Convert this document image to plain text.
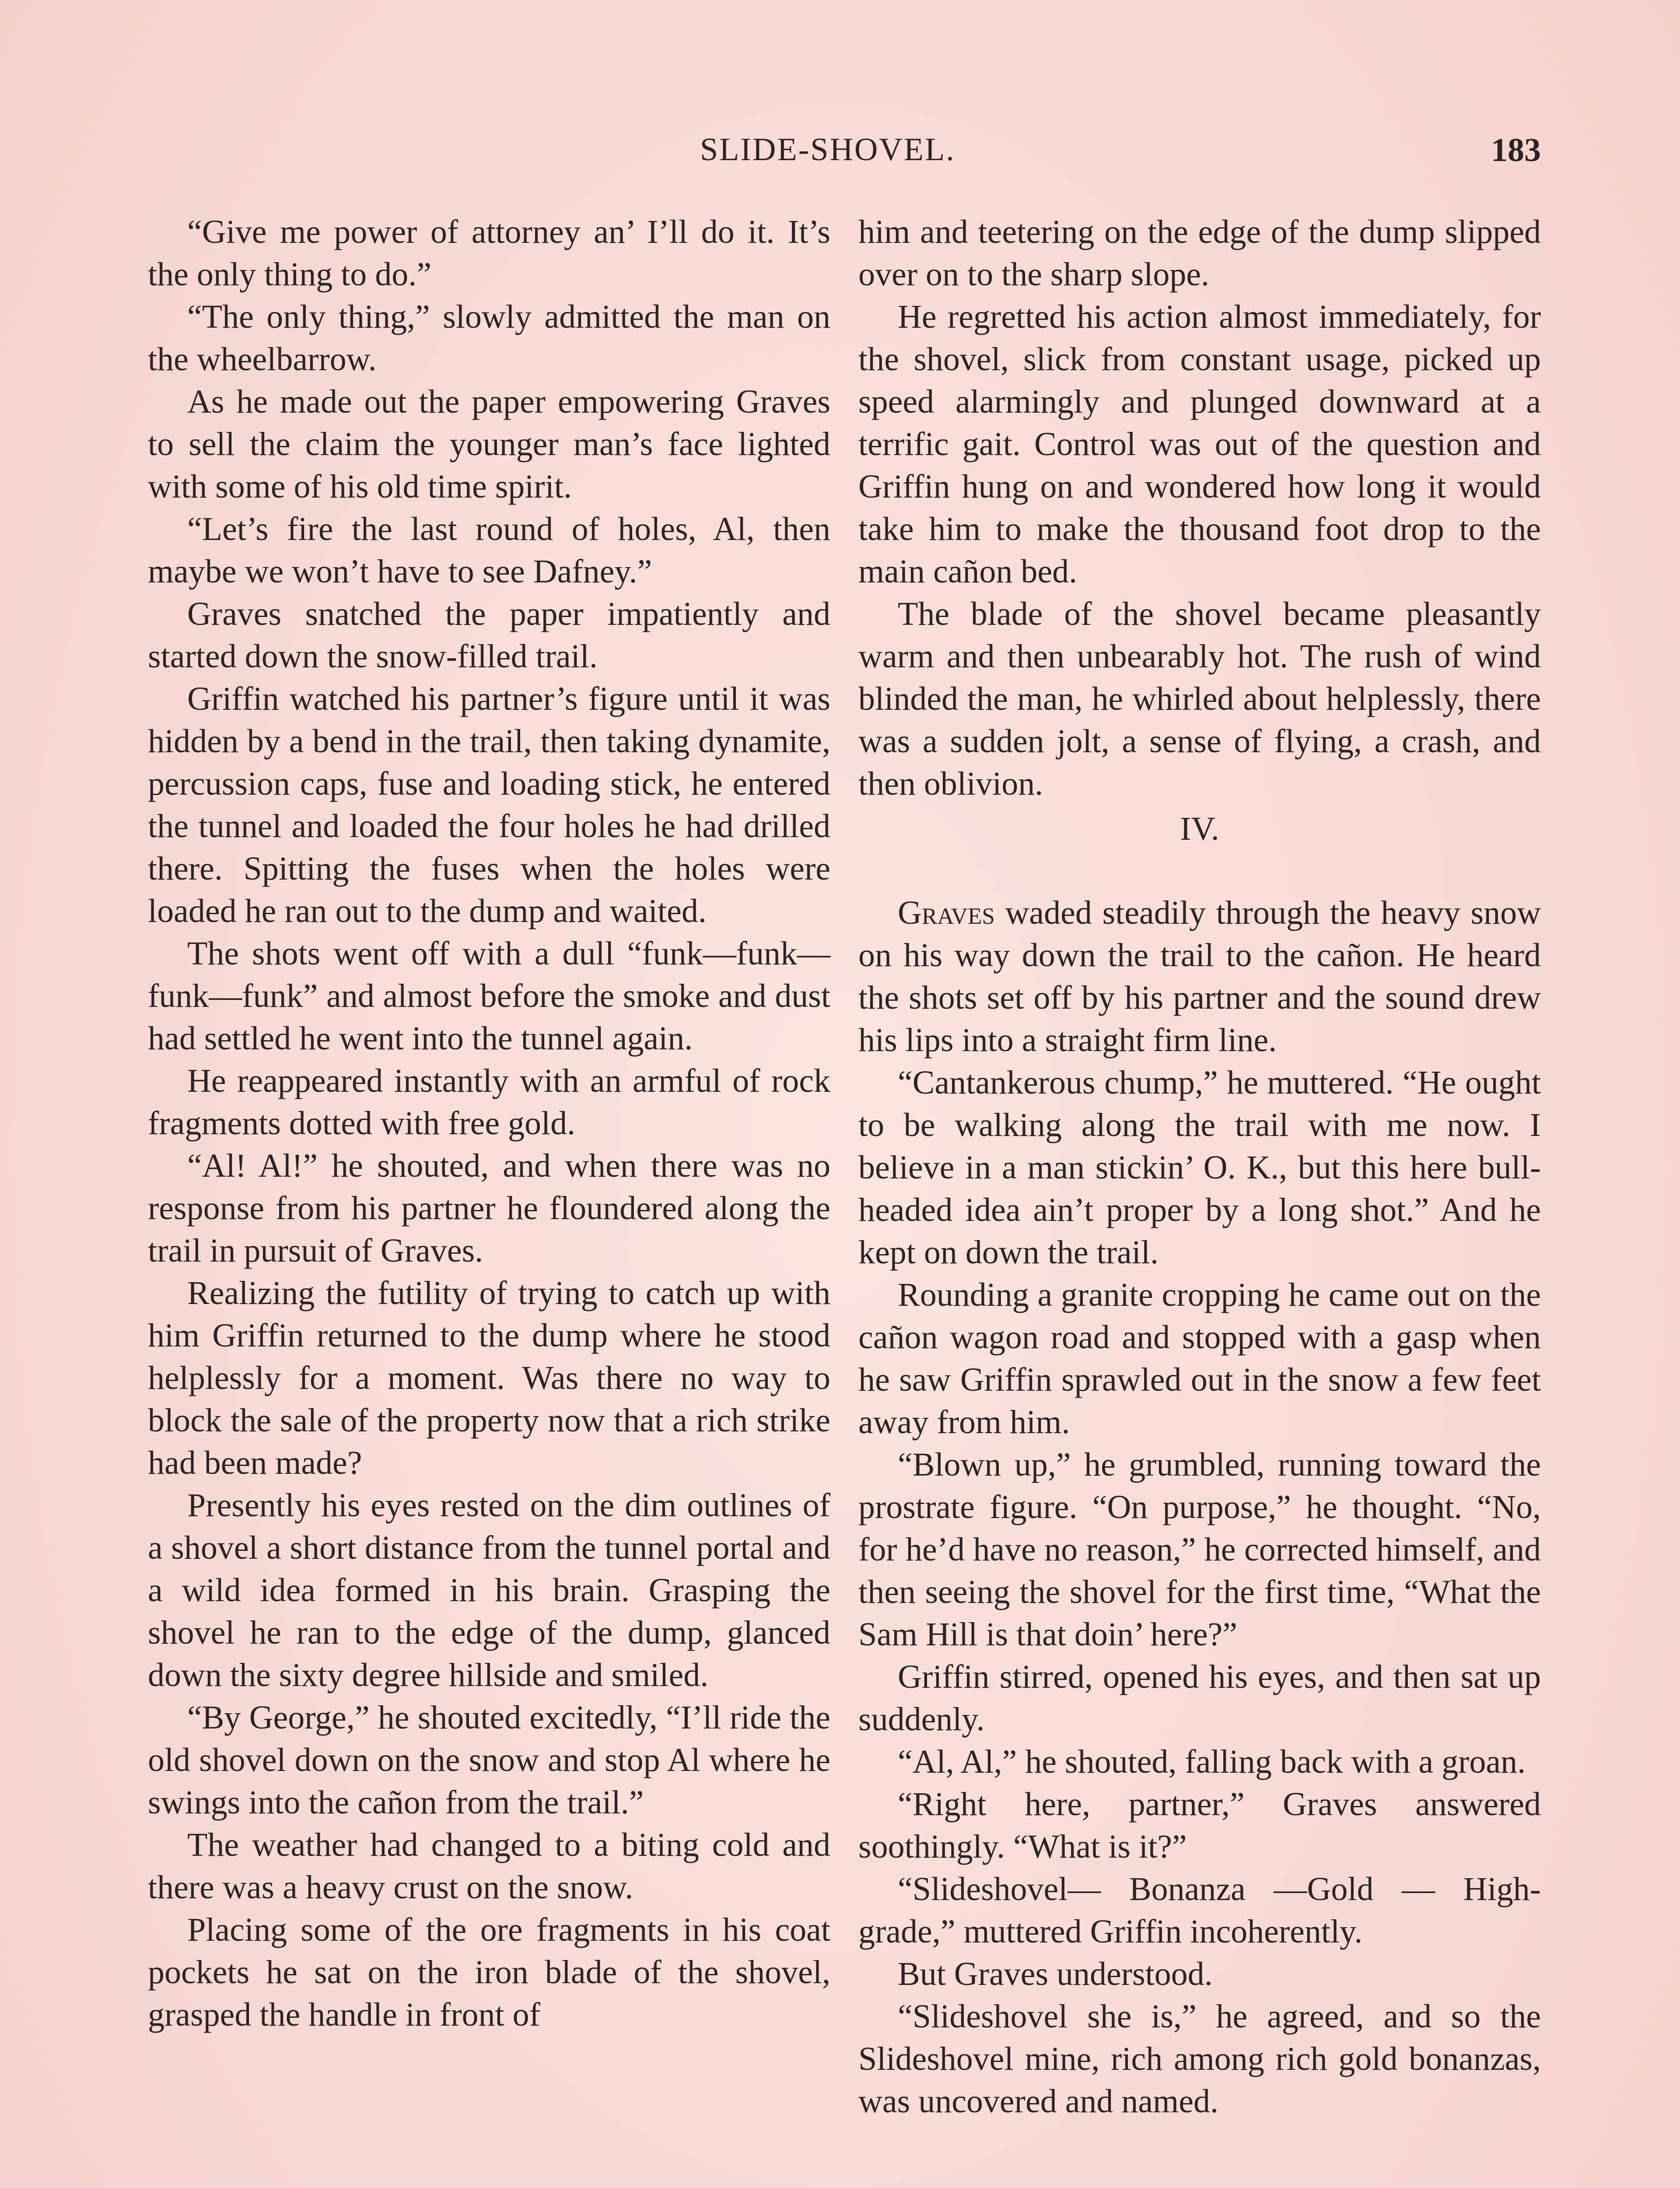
SLIDE-SHOVEL.	183

“Give me power of attorney an’ I’ll do it. It’s the only thing to do.”

“The only thing,” slowly admitted the man on the wheelbarrow.

As he made out the paper empowering Graves to sell the claim the younger man’s face lighted with some of his old time spirit.

“Let’s fire the last round of holes, Al, then maybe we won’t have to see Dafney.”

Graves snatched the paper impatiently and started down the snow-filled trail.

Griffin watched his partner’s figure until it was hidden by a bend in the trail, then taking dynamite, percussion caps, fuse and loading stick, he entered the tunnel and loaded the four holes he had drilled there. Spitting the fuses when the holes were loaded he ran out to the dump and waited.

The shots went off with a dull “funk—funk—funk—funk” and almost before the smoke and dust had settled he went into the tunnel again.

He reappeared instantly with an armful of rock fragments dotted with free gold.

“Al! Al!” he shouted, and when there was no response from his partner he floundered along the trail in pursuit of Graves.

Realizing the futility of trying to catch up with him Griffin returned to the dump where he stood helplessly for a moment. Was there no way to block the sale of the property now that a rich strike had been made?

Presently his eyes rested on the dim outlines of a shovel a short distance from the tunnel portal and a wild idea formed in his brain. Grasping the shovel he ran to the edge of the dump, glanced down the sixty degree hillside and smiled.

“By George,” he shouted excitedly, “I’ll ride the old shovel down on the snow and stop Al where he swings into the cañon from the trail.”

The weather had changed to a biting cold and there was a heavy crust on the snow.

Placing some of the ore fragments in his coat pockets he sat on the iron blade of the shovel, grasped the handle in front of

him and teetering on the edge of the dump slipped over on to the sharp slope.

He regretted his action almost immediately, for the shovel, slick from constant usage, picked up speed alarmingly and plunged downward at a terrific gait. Control was out of the question and Griffin hung on and wondered how long it would take him to make the thousand foot drop to the main cañon bed.

The blade of the shovel became pleasantly warm and then unbearably hot. The rush of wind blinded the man, he whirled about helplessly, there was a sudden jolt, a sense of flying, a crash, and then oblivion.

IV.

Graves waded steadily through the heavy snow on his way down the trail to the cañon. He heard the shots set off by his partner and the sound drew his lips into a straight firm line.

“Cantankerous chump,” he muttered. “He ought to be walking along the trail with me now. I believe in a man stickin’ O. K., but this here bull-headed idea ain’t proper by a long shot.” And he kept on down the trail.

Rounding a granite cropping he came out on the cañon wagon road and stopped with a gasp when he saw Griffin sprawled out in the snow a few feet away from him.

“Blown up,” he grumbled, running toward the prostrate figure. “On purpose,” he thought. “No, for he’d have no reason,” he corrected himself, and then seeing the shovel for the first time, “What the Sam Hill is that doin’ here?”

Griffin stirred, opened his eyes, and then sat up suddenly.

“Al, Al,” he shouted, falling back with a groan.

“Right here, partner,” Graves answered soothingly. “What is it?”

“Slideshovel— Bonanza —Gold — High-grade,” muttered Griffin incoherently.

But Graves understood.

“Slideshovel she is,” he agreed, and so the Slideshovel mine, rich among rich gold bonanzas, was uncovered and named.
